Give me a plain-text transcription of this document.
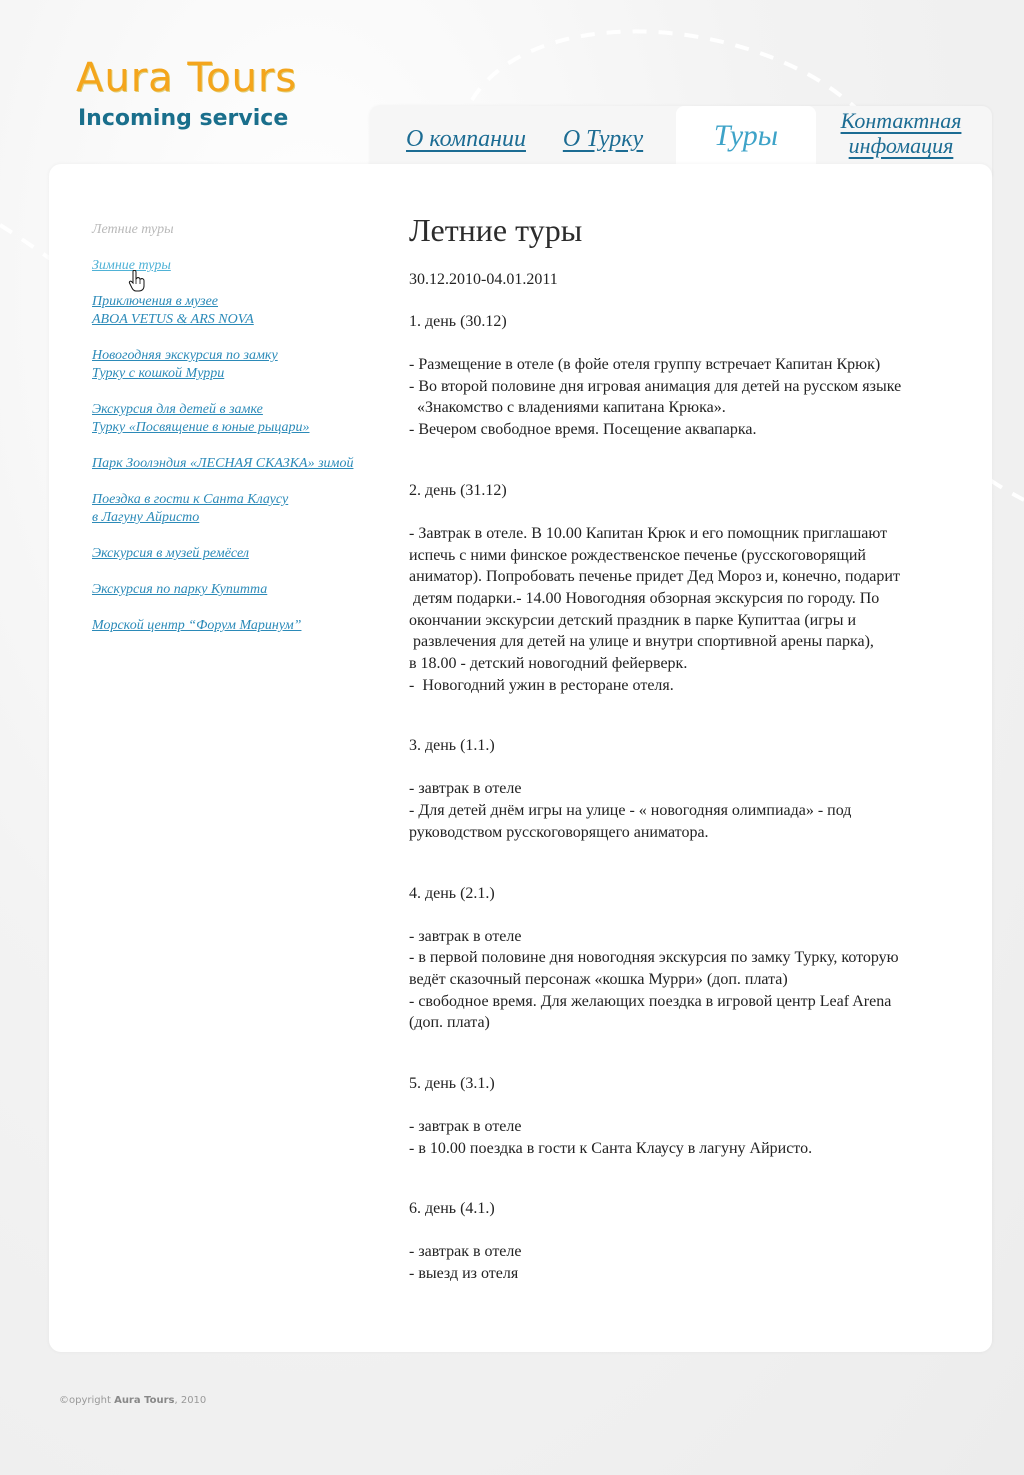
Aura Tours
Incoming service
О компании	О Турку	Туры	Контактная
инфомация
Летние туры
Зимние туры
Приключения в музее
ABOA VETUS & ARS NOVA
Новогодняя экскурсия по замку
Турку с кошкой Мурри
Экскурсия для детей в замке
Турку «Посвящение в юные рыцари»
Парк Зоолэндия «ЛЕСНАЯ СКАЗКА» зимой
Поездка в гости к Санта Клаусу
в Лагуну Айристо
Экскурсия в музей ремёсел
Экскурсия по парку Купитта
Морской центр “Форум Маринум”
Летние туры
30.12.2010-04.01.2011
1. день (30.12)
- Размещение в отеле (в фойе отеля группу встречает Капитан Крюк)
- Во второй половине дня игровая анимация для детей на русском языке
«Знакомство с владениями капитана Крюка».
- Вечером свободное время. Посещение аквапарка.
2. день (31.12)
- Завтрак в отеле. В 10.00 Капитан Крюк и его помощник приглашают
испечь с ними финское рождественское печенье (русскоговорящий
аниматор). Попробовать печенье придет Дед Мороз и, конечно, подарит
детям подарки.- 14.00 Новогодняя обзорная экскурсия по городу. По
окончании экскурсии детский праздник в парке Купиттаа (игры и
развлечения для детей на улице и внутри спортивной арены парка),
в 18.00 - детский новогодний фейерверк.
-  Новогодний ужин в ресторане отеля.
3. день (1.1.)
- завтрак в отеле
- Для детей днём игры на улице - « новогодняя олимпиада» - под
руководством русскоговорящего аниматора.
4. день (2.1.)
- завтрак в отеле
- в первой половине дня новогодняя экскурсия по замку Турку, которую
ведёт сказочный персонаж «кошка Мурри» (доп. плата)
- свободное время. Для желающих поездка в игровой центр Leaf Arena
(доп. плата)
5. день (3.1.)
- завтрак в отеле
- в 10.00 поездка в гости к Санта Клаусу в лагуну Айристо.
6. день (4.1.)
- завтрак в отеле
- выезд из отеля
©opyright Aura Tours, 2010
